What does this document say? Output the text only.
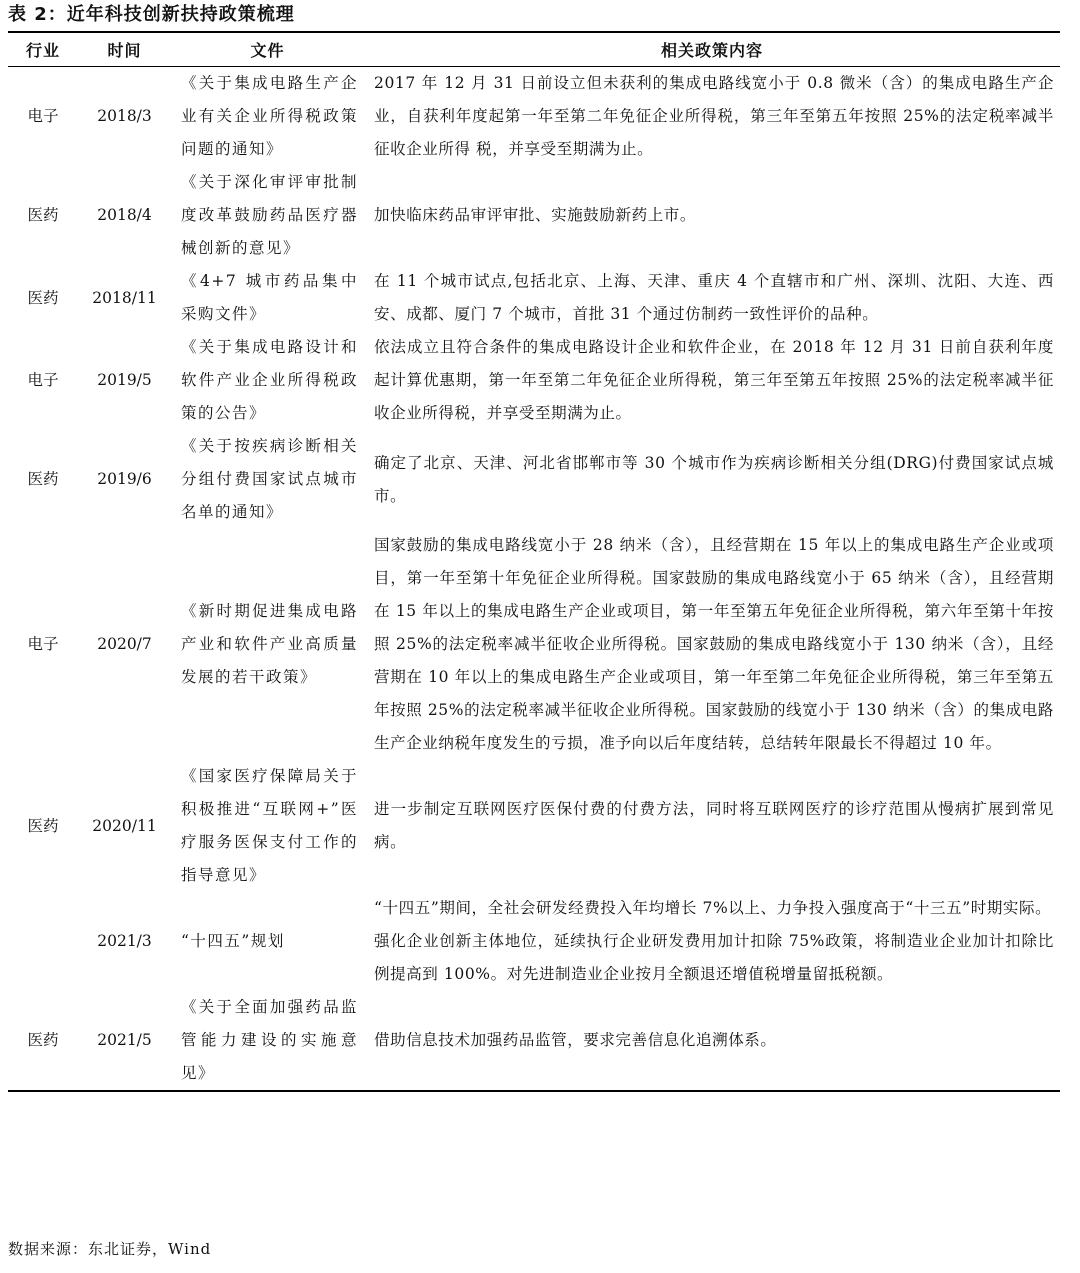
表 2：近年科技创新扶持政策梳理
行业	时间	文件	相关政策内容
电子	2018/3	《关于集成电路生产企业有关企业所得税政策问题的通知》	2017 年 12 月 31 日前设立但未获利的集成电路线宽小于 0.8 微米（含）的集成电路生产企业，自获利年度起第一年至第二年免征企业所得税，第三年至第五年按照 25%的法定税率减半征收企业所得 税，并享受至期满为止。

医药	2018/4	《关于深化审评审批制度改革鼓励药品医疗器械创新的意见》	加快临床药品审评审批、实施鼓励新药上市。

医药	2018/11	《4+7 城市药品集中采购文件》	在 11 个城市试点,包括北京、上海、天津、重庆 4 个直辖市和广州、深圳、沈阳、大连、西安、成都、厦门 7 个城市，首批 31 个通过仿制药一致性评价的品种。

电子	2019/5	《关于集成电路设计和软件产业企业所得税政策的公告》	依法成立且符合条件的集成电路设计企业和软件企业，在 2018 年 12 月 31 日前自获利年度起计算优惠期，第一年至第二年免征企业所得税，第三年至第五年按照 25%的法定税率减半征收企业所得税，并享受至期满为止。

医药	2019/6	《关于按疾病诊断相关分组付费国家试点城市名单的通知》	确定了北京、天津、河北省邯郸市等 30 个城市作为疾病诊断相关分组(DRG)付费国家试点城市。

电子	2020/7	《新时期促进集成电路产业和软件产业高质量发展的若干政策》	国家鼓励的集成电路线宽小于 28 纳米（含），且经营期在 15 年以上的集成电路生产企业或项目，第一年至第十年免征企业所得税。国家鼓励的集成电路线宽小于 65 纳米（含），且经营期在 15 年以上的集成电路生产企业或项目，第一年至第五年免征企业所得税，第六年至第十年按照 25%的法定税率减半征收企业所得税。国家鼓励的集成电路线宽小于 130 纳米（含），且经营期在 10 年以上的集成电路生产企业或项目，第一年至第二年免征企业所得税，第三年至第五年按照 25%的法定税率减半征收企业所得税。国家鼓励的线宽小于 130 纳米（含）的集成电路生产企业纳税年度发生的亏损，准予向以后年度结转，总结转年限最长不得超过 10 年。

医药	2020/11	《国家医疗保障局关于积极推进“互联网+”医疗服务医保支付工作的指导意见》	进一步制定互联网医疗医保付费的付费方法，同时将互联网医疗的诊疗范围从慢病扩展到常见病。

	2021/3	“十四五”规划	“十四五”期间，全社会研发经费投入年均增长 7%以上、力争投入强度高于“十三五”时期实际。

强化企业创新主体地位，延续执行企业研发费用加计扣除 75%政策，将制造业企业加计扣除比例提高到 100%。对先进制造业企业按月全额退还增值税增量留抵税额。

医药	2021/5	《关于全面加强药品监管能力建设的实施意见》	借助信息技术加强药品监管，要求完善信息化追溯体系。

数据来源：东北证券，Wind
